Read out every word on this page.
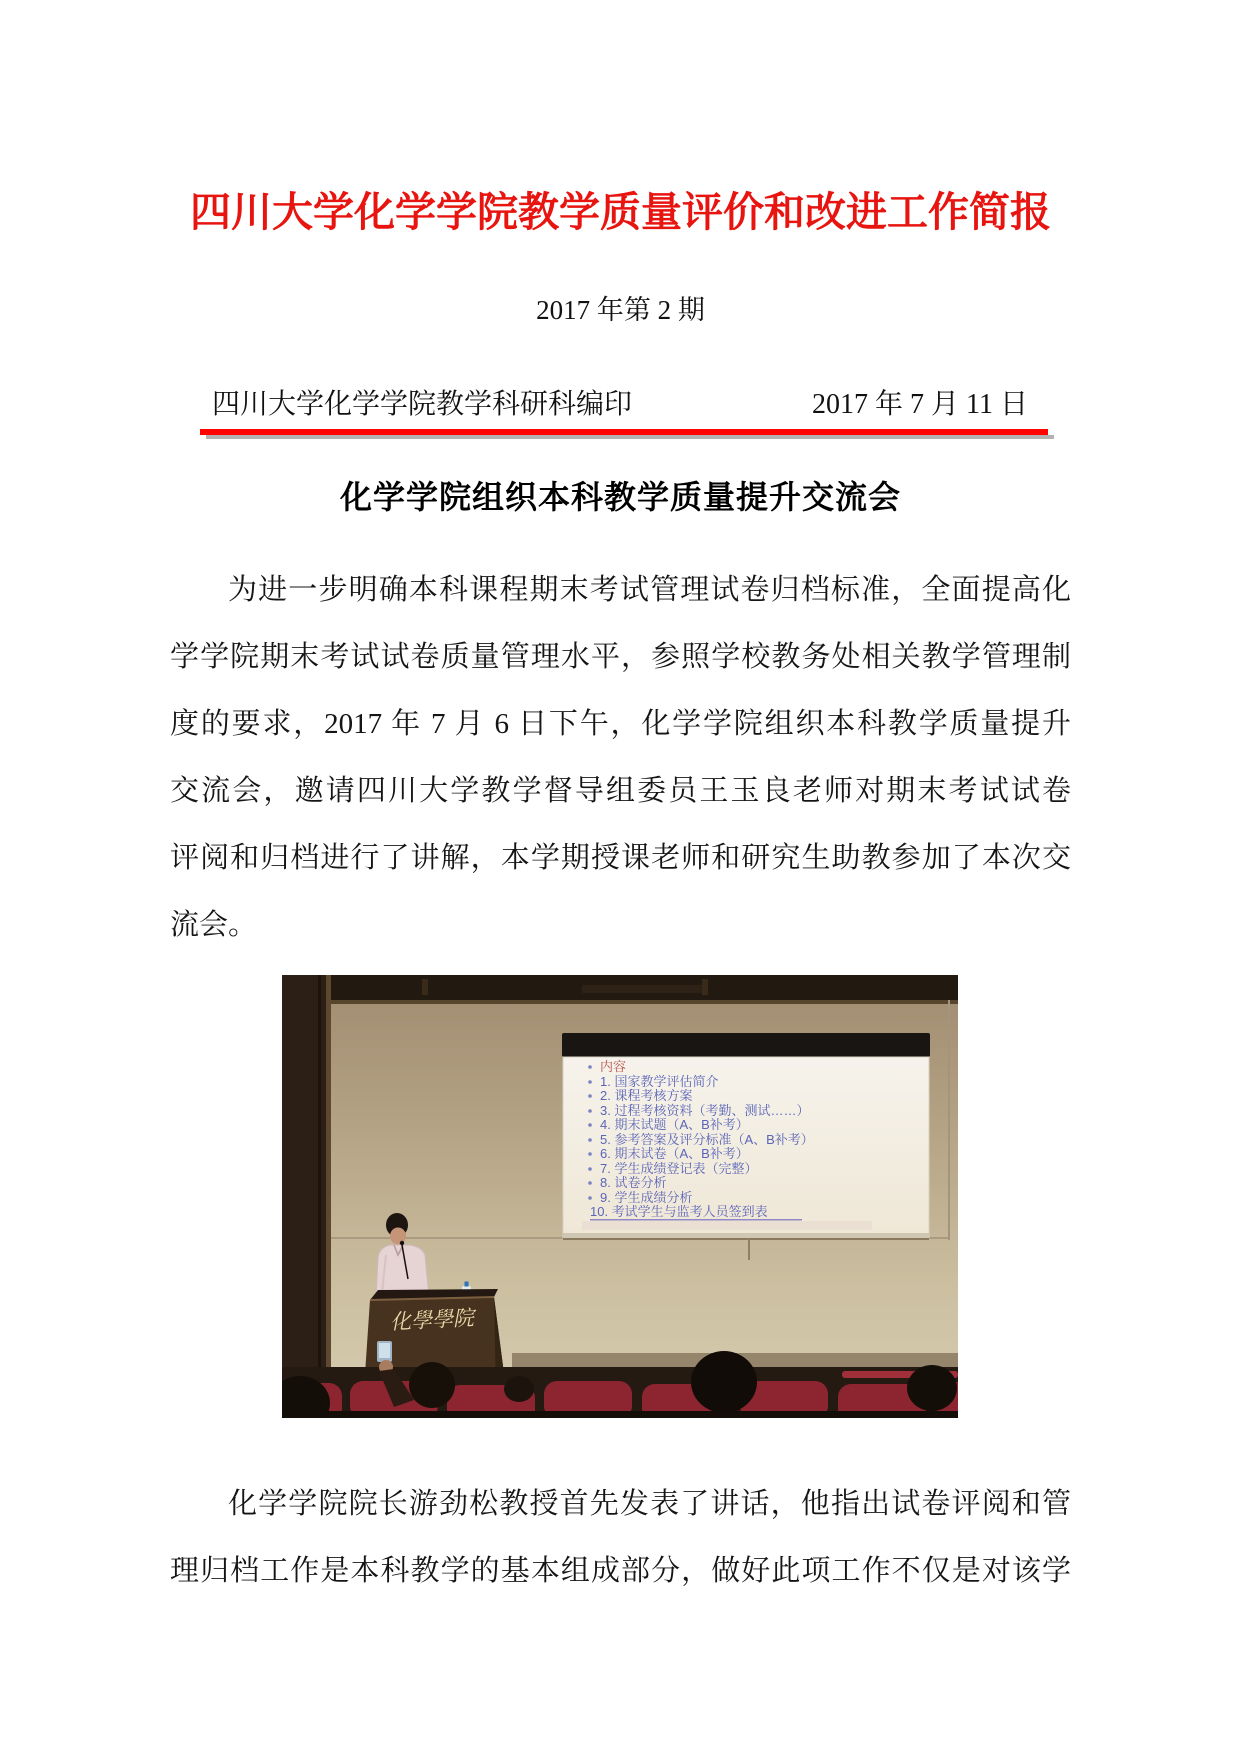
四川大学化学学院教学质量评价和改进工作简报
2017 年第 2 期
四川大学化学学院教学科研科编印	2017 年 7 月 11 日
化学学院组织本科教学质量提升交流会
为进一步明确本科课程期末考试管理试卷归档标准，全面提高化
学学院期末考试试卷质量管理水平，参照学校教务处相关教学管理制
度的要求，2017 年 7 月 6 日下午，化学学院组织本科教学质量提升
交流会，邀请四川大学教学督导组委员王玉良老师对期末考试试卷
评阅和归档进行了讲解，本学期授课老师和研究生助教参加了本次交
流会。
内容
1. 国家教学评估简介
2. 课程考核方案
3. 过程考核资料（考勤、测试……）
4. 期末试题（A、B补考）
5. 参考答案及评分标准（A、B补考）
6. 期末试卷（A、B补考）
7. 学生成绩登记表（完整）
8. 试卷分析
9. 学生成绩分析
10. 考试学生与监考人员签到表
化學學院
化学学院院长游劲松教授首先发表了讲话，他指出试卷评阅和管
理归档工作是本科教学的基本组成部分，做好此项工作不仅是对该学
